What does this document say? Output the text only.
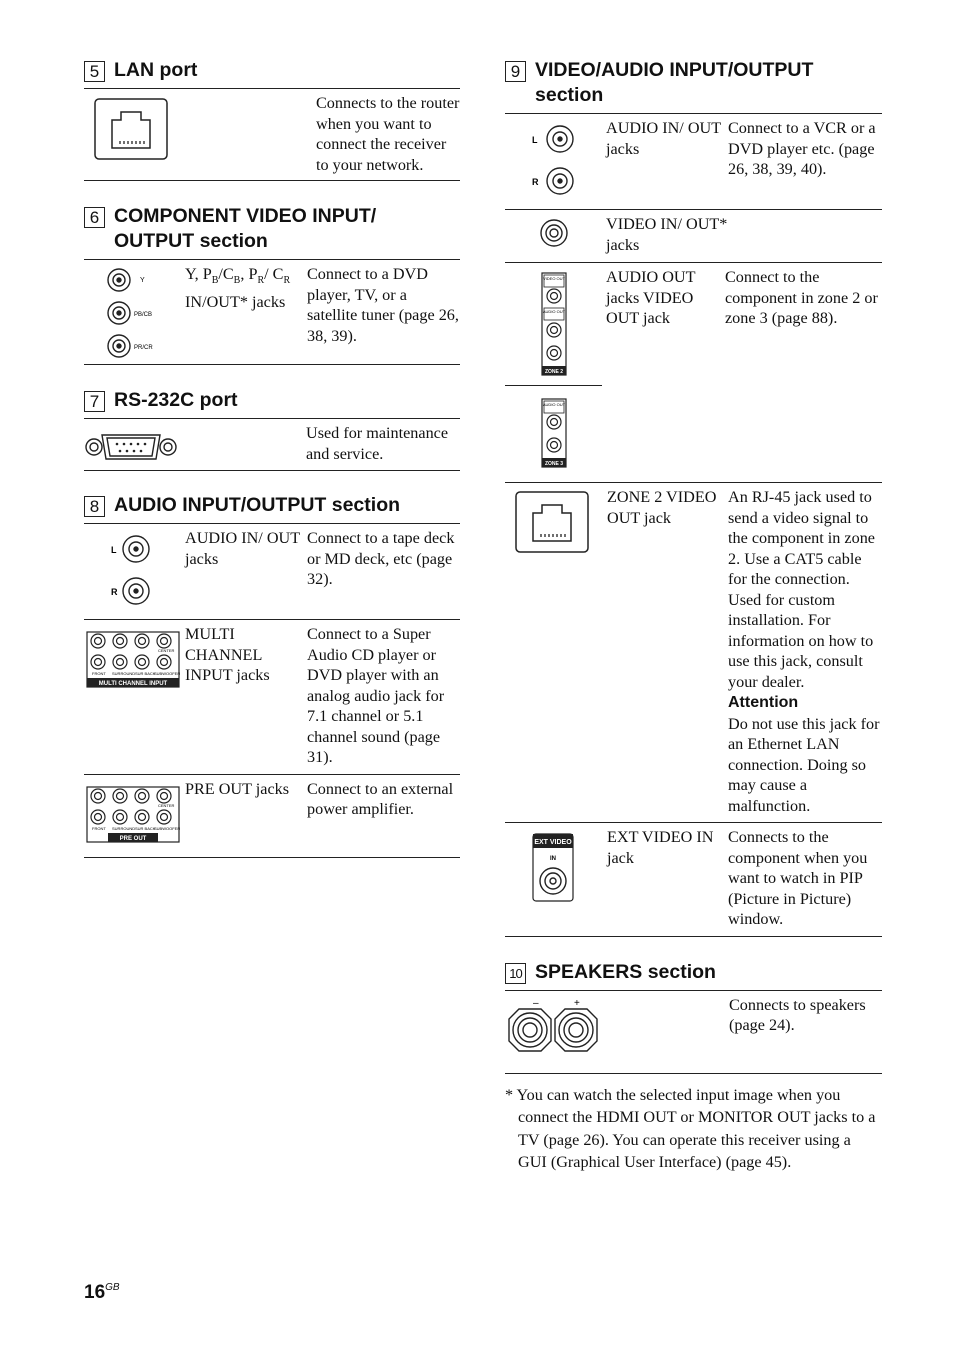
5 LAN port
Connects to the router when you want to connect the receiver to your network.
6 COMPONENT VIDEO INPUT/ OUTPUT section
Y
PB/CB
PR/CR
Y, $P_B/C_B$, $P_R/$ $C_R$ IN/OUT* jacks
Connect to a DVD player, TV, or a satellite tuner (page 26, 38, 39).
7 RS-232C port
Used for maintenance and service.
8 AUDIO INPUT/OUTPUT section
L
R
AUDIO IN/ OUT jacks
Connect to a tape deck or MD deck, etc (page 32).
CENTER
FRONT SURROUND SUR BACK
SUBWOOFER
MULTI CHANNEL INPUT
MULTI CHANNEL INPUT jacks
Connect to a Super Audio CD player or DVD player with an analog audio jack for 7.1 channel or 5.1 channel sound (page 31).
CENTER
FRONT SURROUND SUR BACK
SUBWOOFER
PRE OUT
PRE OUT jacks	Connect to an external power amplifier.
9 VIDEO/AUDIO INPUT/OUTPUT section
L
R
AUDIO IN/ OUT jacks
Connect to a VCR or a DVD player etc. (page 26, 38, 39, 40).
VIDEO IN/ OUT* jacks
VIDEO OUT
AUDIO OUT
ZONE 2
AUDIO OUT
ZONE 3
AUDIO OUT jacks VIDEO OUT jack
Connect to the component in zone 2 or zone 3 (page 88).
ZONE 2 VIDEO OUT jack
An RJ-45 jack used to send a video signal to the component in zone 2. Use a CAT5 cable for the connection. Used for custom installation. For information on how to use this jack, consult your dealer.
Attention
Do not use this jack for an Ethernet LAN connection. Doing so may cause a malfunction.
EXT VIDEO
IN
EXT VIDEO IN jack
Connects to the component when you want to watch in PIP (Picture in Picture) window.
10 SPEAKERS section
–	+	Connects to speakers (page 24).
* You can watch the selected input image when you connect the HDMI OUT or MONITOR OUT jacks to a TV (page 26). You can operate this receiver using a GUI (Graphical User Interface) (page 45).
$16^{GB}$
